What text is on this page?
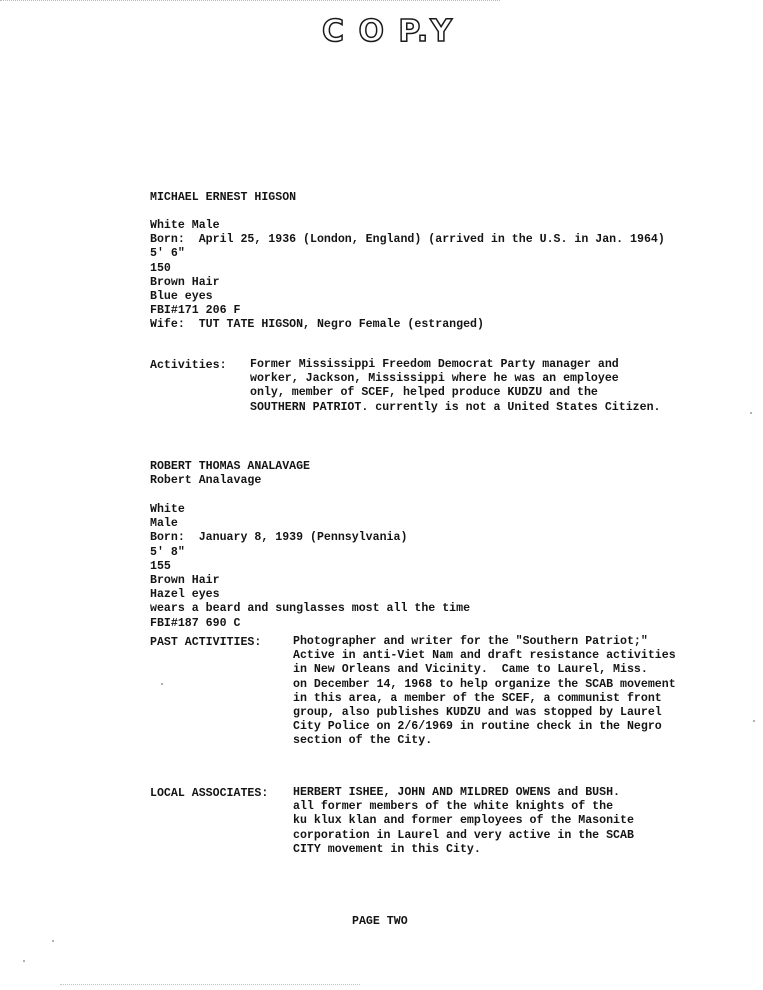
C O P.Y
MICHAEL ERNEST HIGSON
White Male
Born:  April 25, 1936 (London, England) (arrived in the U.S. in Jan. 1964)
5' 6"
150
Brown Hair
Blue eyes
FBI#171 206 F
Wife:  TUT TATE HIGSON, Negro Female (estranged)
Activities: Former Mississippi Freedom Democrat Party manager and
worker, Jackson, Mississippi where he was an employee
only, member of SCEF, helped produce KUDZU and the
SOUTHERN PATRIOT. currently is not a United States Citizen.
ROBERT THOMAS ANALAVAGE
Robert Analavage
White
Male
Born:  January 8, 1939 (Pennsylvania)
5' 8"
155
Brown Hair
Hazel eyes
wears a beard and sunglasses most all the time
FBI#187 690 C
PAST ACTIVITIES:	Photographer and writer for the "Southern Patriot;"
Active in anti-Viet Nam and draft resistance activities
in New Orleans and Vicinity.  Came to Laurel, Miss.
on December 14, 1968 to help organize the SCAB movement
in this area, a member of the SCEF, a communist front
group, also publishes KUDZU and was stopped by Laurel
City Police on 2/6/1969 in routine check in the Negro
section of the City.
LOCAL ASSOCIATES: HERBERT ISHEE, JOHN AND MILDRED OWENS and BUSH.
all former members of the white knights of the
ku klux klan and former employees of the Masonite
corporation in Laurel and very active in the SCAB
CITY movement in this City.
PAGE TWO
